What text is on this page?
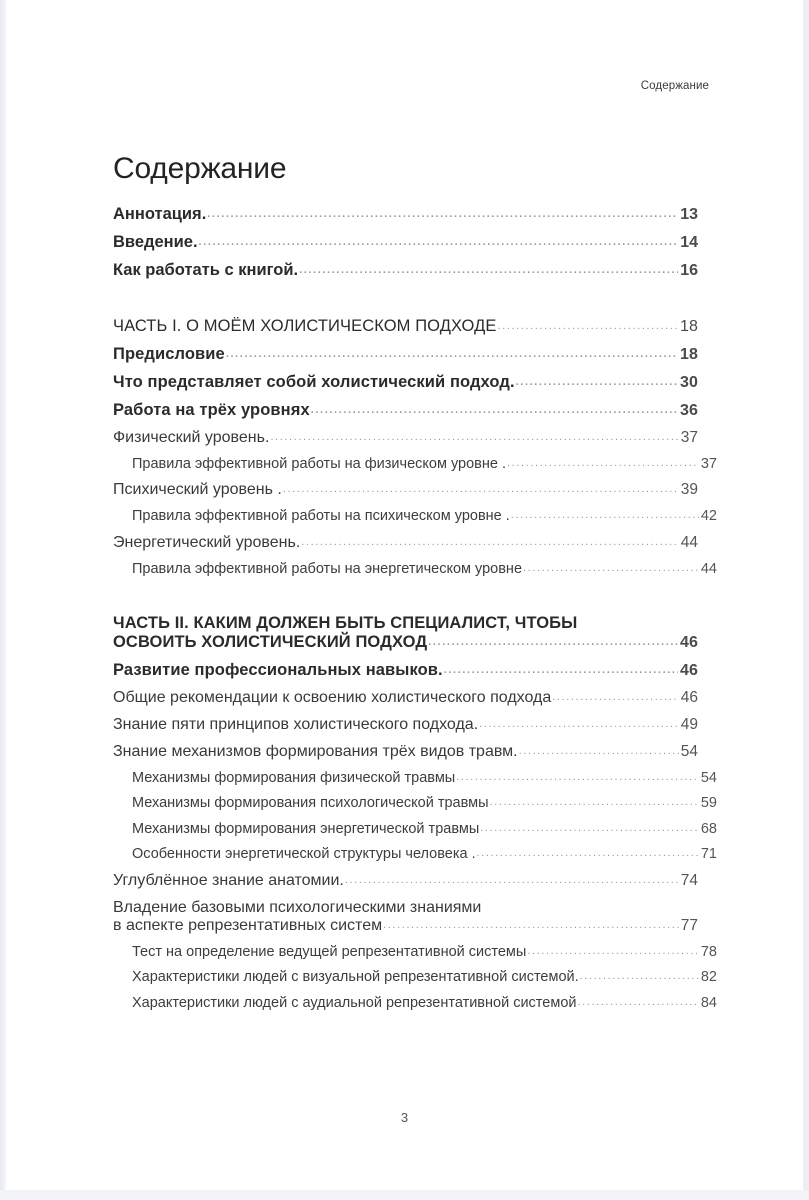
Содержание
Содержание
Аннотация. .....	13
Введение. .....	14
Как работать с книгой. .....	16
ЧАСТЬ I. О МОЁМ ХОЛИСТИЧЕСКОМ ПОДХОДЕ .....	18
Предисловие .....	18
Что представляет собой холистический подход. .....	30
Работа на трёх уровнях .....	36
Физический уровень. .....	37
Правила эффективной работы на физическом уровне . .....	37
Психический уровень . .....	39
Правила эффективной работы на психическом уровне . .....	42
Энергетический уровень. .....	44
Правила эффективной работы на энергетическом уровне .....	44
ЧАСТЬ II. КАКИМ ДОЛЖЕН БЫТЬ СПЕЦИАЛИСТ, ЧТОБЫ
ОСВОИТЬ ХОЛИСТИЧЕСКИЙ ПОДХОД .....	46
Развитие профессиональных навыков. .....	46
Общие рекомендации к освоению холистического подхода .....	46
Знание пяти принципов холистического подхода. .....	49
Знание механизмов формирования трёх видов травм. .....	54
Механизмы формирования физической травмы .....	54
Механизмы формирования психологической травмы .....	59
Механизмы формирования энергетической травмы .....	68
Особенности энергетической структуры человека . .....	71
Углублённое знание анатомии. .....	74
Владение базовыми психологическими знаниями
в аспекте репрезентативных систем .....	77
Тест на определение ведущей репрезентативной системы .....	78
Характеристики людей с визуальной репрезентативной системой. .....	82
Характеристики людей с аудиальной репрезентативной системой .....	84
3
